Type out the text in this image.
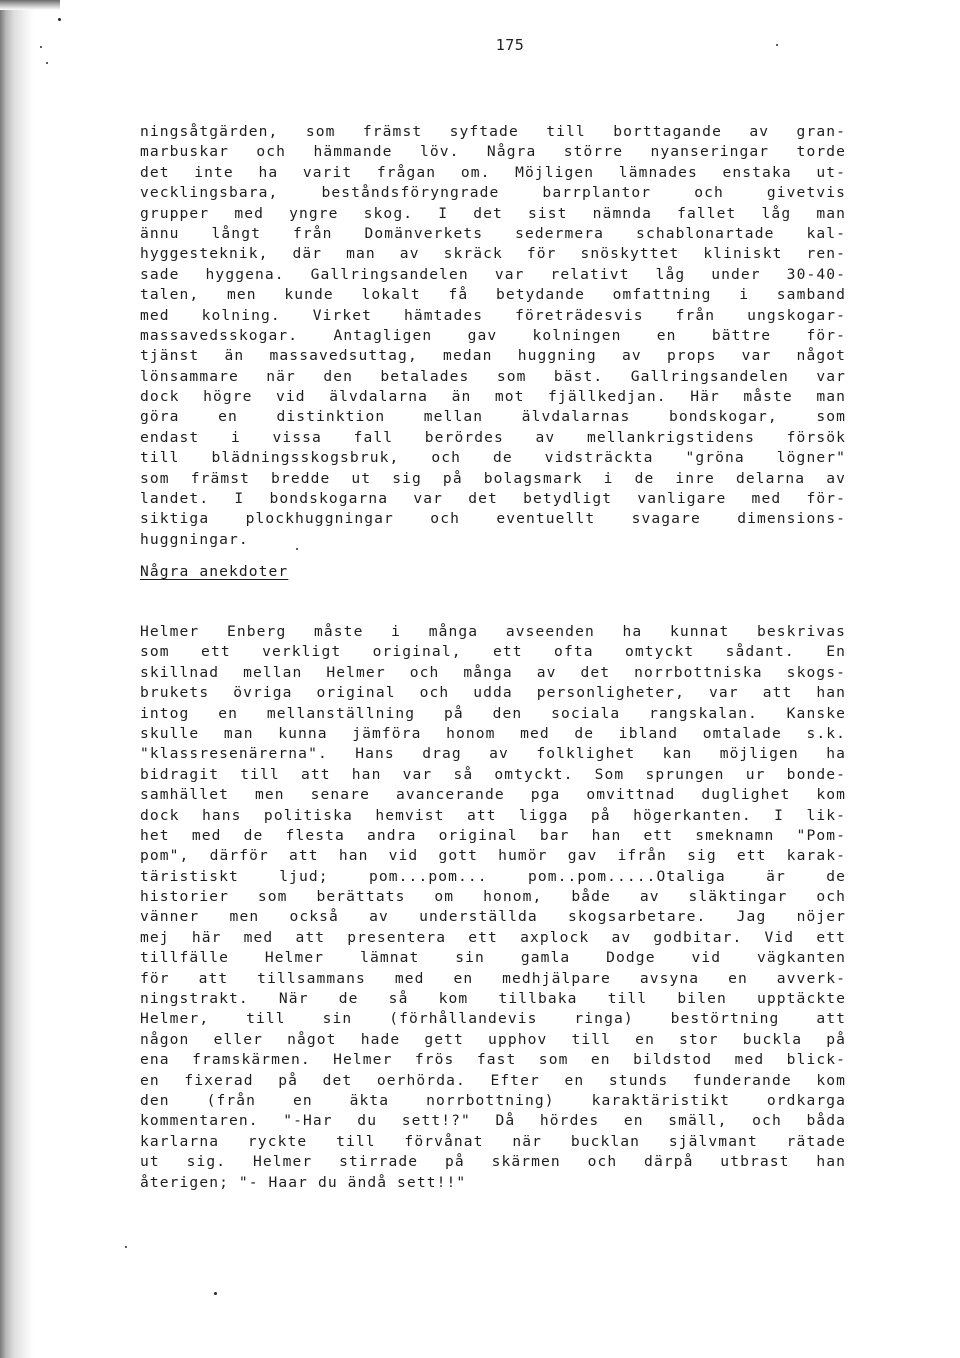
175
ningsåtgärden, som främst syftade till borttagande av gran-
marbuskar och hämmande löv. Några större nyanseringar torde
det inte ha varit frågan om. Möjligen lämnades enstaka ut-
vecklingsbara, beståndsföryngrade barrplantor och givetvis
grupper med yngre skog. I det sist nämnda fallet låg man
ännu långt från Domänverkets sedermera schablonartade kal-
hyggesteknik, där man av skräck för snöskyttet kliniskt ren-
sade hyggena. Gallringsandelen var relativt låg under 30-40-
talen, men kunde lokalt få betydande omfattning i samband
med kolning. Virket hämtades företrädesvis från ungskogar-
massavedsskogar. Antagligen gav kolningen en bättre för-
tjänst än massavedsuttag, medan huggning av props var något
lönsammare när den betalades som bäst. Gallringsandelen var
dock högre vid älvdalarna än mot fjällkedjan. Här måste man
göra en distinktion mellan älvdalarnas bondskogar, som
endast i vissa fall berördes av mellankrigstidens försök
till blädningsskogsbruk, och de vidsträckta "gröna lögner"
som främst bredde ut sig på bolagsmark i de inre delarna av
landet. I bondskogarna var det betydligt vanligare med för-
siktiga plockhuggningar och eventuellt svagare dimensions-
huggningar.
Några anekdoter
Helmer Enberg måste i många avseenden ha kunnat beskrivas
som ett verkligt original, ett ofta omtyckt sådant. En
skillnad mellan Helmer och många av det norrbottniska skogs-
brukets övriga original och udda personligheter, var att han
intog en mellanställning på den sociala rangskalan. Kanske
skulle man kunna jämföra honom med de ibland omtalade s.k.
"klassresenärerna". Hans drag av folklighet kan möjligen ha
bidragit till att han var så omtyckt. Som sprungen ur bonde-
samhället men senare avancerande pga omvittnad duglighet kom
dock hans politiska hemvist att ligga på högerkanten. I lik-
het med de flesta andra original bar han ett smeknamn "Pom-
pom", därför att han vid gott humör gav ifrån sig ett karak-
täristiskt ljud; pom...pom... pom..pom.....Otaliga är de
historier som berättats om honom, både av släktingar och
vänner men också av underställda skogsarbetare. Jag nöjer
mej här med att presentera ett axplock av godbitar. Vid ett
tillfälle Helmer lämnat sin gamla Dodge vid vägkanten
för att tillsammans med en medhjälpare avsyna en avverk-
ningstrakt. När de så kom tillbaka till bilen upptäckte
Helmer, till sin (förhållandevis ringa) bestörtning att
någon eller något hade gett upphov till en stor buckla på
ena framskärmen. Helmer frös fast som en bildstod med blick-
en fixerad på det oerhörda. Efter en stunds funderande kom
den (från en äkta norrbottning) karaktäristikt ordkarga
kommentaren. "-Har du sett!?" Då hördes en smäll, och båda
karlarna ryckte till förvånat när bucklan självmant rätade
ut sig. Helmer stirrade på skärmen och därpå utbrast han
återigen; "- Haar du ändå sett!!"
